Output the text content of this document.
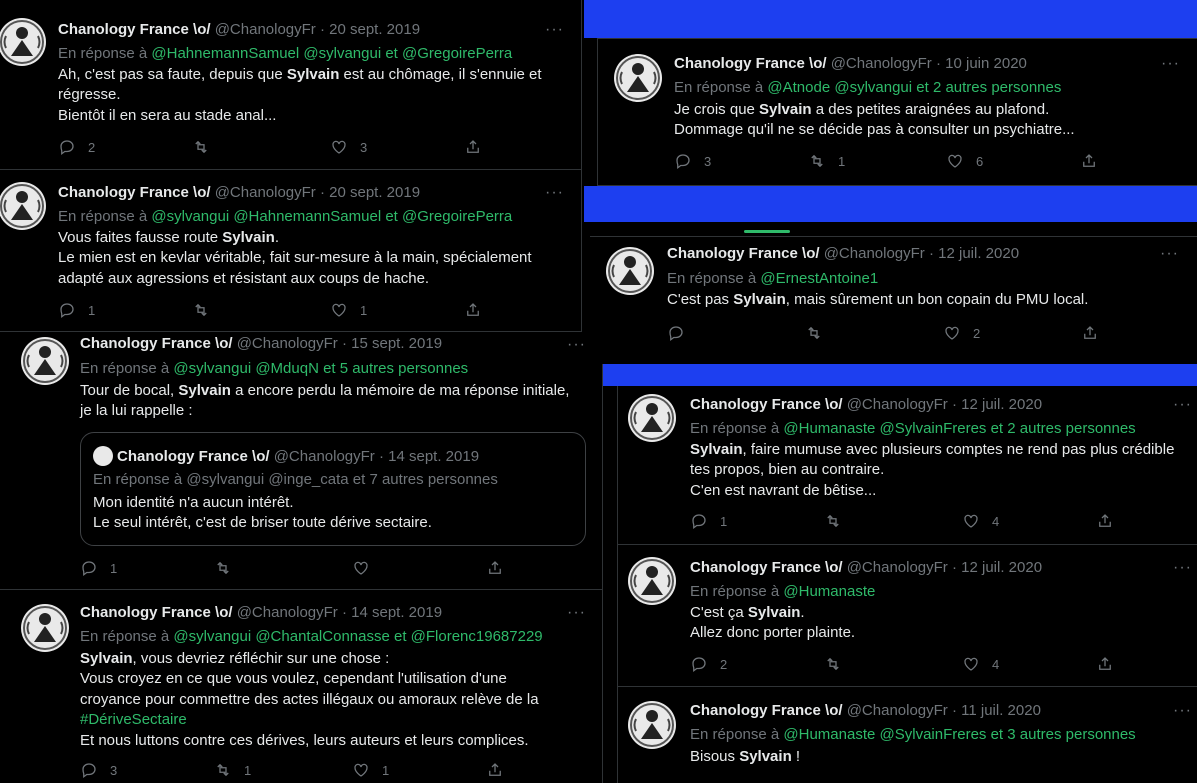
Chanology France \o/ @ChanologyFr · 20 sept. 2019	···
En réponse à @HahnemannSamuel @sylvangui et @GregoirePerra
Ah, c'est pas sa faute, depuis que Sylvain est au chômage, il s'ennuie et
régresse.
Bientôt il en sera au stade anal...
2	3
Chanology France \o/ @ChanologyFr · 20 sept. 2019	···
En réponse à @sylvangui @HahnemannSamuel et @GregoirePerra
Vous faites fausse route Sylvain.
Le mien est en kevlar véritable, fait sur-mesure à la main, spécialement
adapté aux agressions et résistant aux coups de hache.
1	1
Chanology France \o/ @ChanologyFr · 15 sept. 2019	···
En réponse à @sylvangui @MduqN et 5 autres personnes
Tour de bocal, Sylvain a encore perdu la mémoire de ma réponse initiale,
je la lui rappelle :
Chanology France \o/ @ChanologyFr · 14 sept. 2019
En réponse à @sylvangui @inge_cata et 7 autres personnes
Mon identité n'a aucun intérêt.
Le seul intérêt, c'est de briser toute dérive sectaire.
1
Chanology France \o/ @ChanologyFr · 14 sept. 2019	···
En réponse à @sylvangui @ChantalConnasse et @Florenc19687229
Sylvain, vous devriez réfléchir sur une chose :
Vous croyez en ce que vous voulez, cependant l'utilisation d'une
croyance pour commettre des actes illégaux ou amoraux relève de la
#DériveSectaire
Et nous luttons contre ces dérives, leurs auteurs et leurs complices.
3	1	1
Chanology France \o/ @ChanologyFr · 10 juin 2020	···
En réponse à @Atnode @sylvangui et 2 autres personnes
Je crois que Sylvain a des petites araignées au plafond.
Dommage qu'il ne se décide pas à consulter un psychiatre...
3	1	6
Chanology France \o/ @ChanologyFr · 12 juil. 2020	···
En réponse à @ErnestAntoine1
C'est pas Sylvain, mais sûrement un bon copain du PMU local.
2
Chanology France \o/ @ChanologyFr · 12 juil. 2020	···
En réponse à @Humanaste @SylvainFreres et 2 autres personnes
Sylvain, faire mumuse avec plusieurs comptes ne rend pas plus crédible
tes propos, bien au contraire.
C'en est navrant de bêtise...
1	4
Chanology France \o/ @ChanologyFr · 12 juil. 2020	···
En réponse à @Humanaste
C'est ça Sylvain.
Allez donc porter plainte.
2	4
Chanology France \o/ @ChanologyFr · 11 juil. 2020	···
En réponse à @Humanaste @SylvainFreres et 3 autres personnes
Bisous Sylvain !
